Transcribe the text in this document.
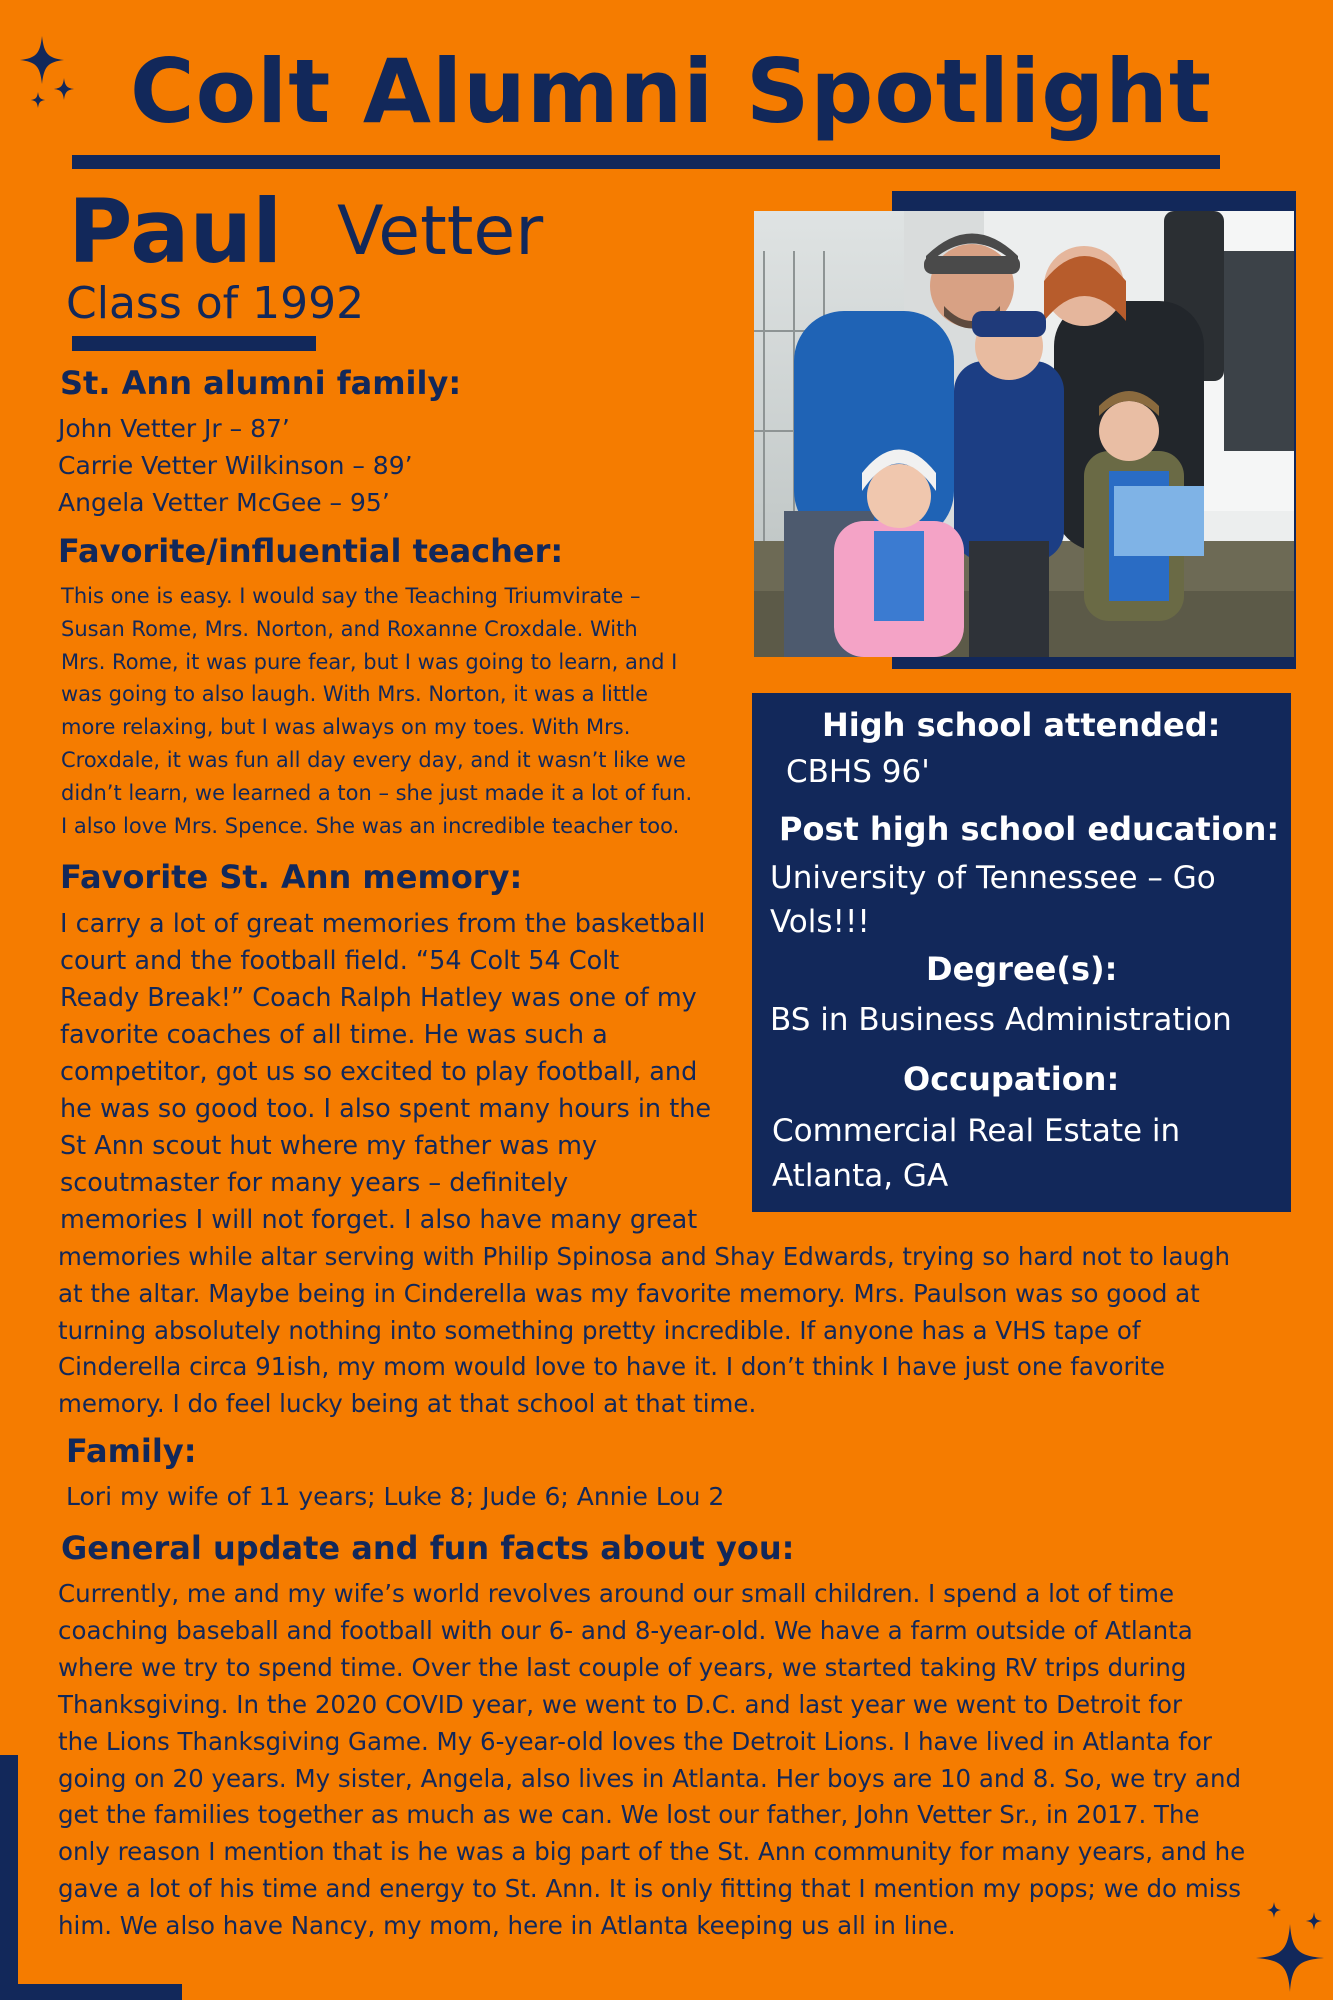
Colt Alumni Spotlight
Paul Vetter
Class of 1992
St. Ann alumni family:
John Vetter Jr – 87’
Carrie Vetter Wilkinson – 89’
Angela Vetter McGee – 95’
Favorite/influential teacher:
This one is easy. I would say the Teaching Triumvirate –
Susan Rome, Mrs. Norton, and Roxanne Croxdale. With
Mrs. Rome, it was pure fear, but I was going to learn, and I
was going to also laugh. With Mrs. Norton, it was a little
more relaxing, but I was always on my toes. With Mrs.
Croxdale, it was fun all day every day, and it wasn’t like we
didn’t learn, we learned a ton – she just made it a lot of fun.
I also love Mrs. Spence. She was an incredible teacher too.
Favorite St. Ann memory:
I carry a lot of great memories from the basketball
court and the football field. “54 Colt 54 Colt
Ready Break!” Coach Ralph Hatley was one of my
favorite coaches of all time. He was such a
competitor, got us so excited to play football, and
he was so good too. I also spent many hours in the
St Ann scout hut where my father was my
scoutmaster for many years – definitely
memories I will not forget. I also have many great
memories while altar serving with Philip Spinosa and Shay Edwards, trying so hard not to laugh
at the altar. Maybe being in Cinderella was my favorite memory. Mrs. Paulson was so good at
turning absolutely nothing into something pretty incredible. If anyone has a VHS tape of
Cinderella circa 91ish, my mom would love to have it. I don’t think I have just one favorite
memory. I do feel lucky being at that school at that time.
High school attended:
CBHS 96'
Post high school education:
University of Tennessee – Go
Vols!!!
Degree(s):
BS in Business Administration
Occupation:
Commercial Real Estate in
Atlanta, GA
Family:
Lori my wife of 11 years; Luke 8; Jude 6; Annie Lou 2
General update and fun facts about you:
Currently, me and my wife’s world revolves around our small children. I spend a lot of time
coaching baseball and football with our 6- and 8-year-old. We have a farm outside of Atlanta
where we try to spend time. Over the last couple of years, we started taking RV trips during
Thanksgiving. In the 2020 COVID year, we went to D.C. and last year we went to Detroit for
the Lions Thanksgiving Game. My 6-year-old loves the Detroit Lions. I have lived in Atlanta for
going on 20 years. My sister, Angela, also lives in Atlanta. Her boys are 10 and 8. So, we try and
get the families together as much as we can. We lost our father, John Vetter Sr., in 2017. The
only reason I mention that is he was a big part of the St. Ann community for many years, and he
gave a lot of his time and energy to St. Ann. It is only fitting that I mention my pops; we do miss
him. We also have Nancy, my mom, here in Atlanta keeping us all in line.
